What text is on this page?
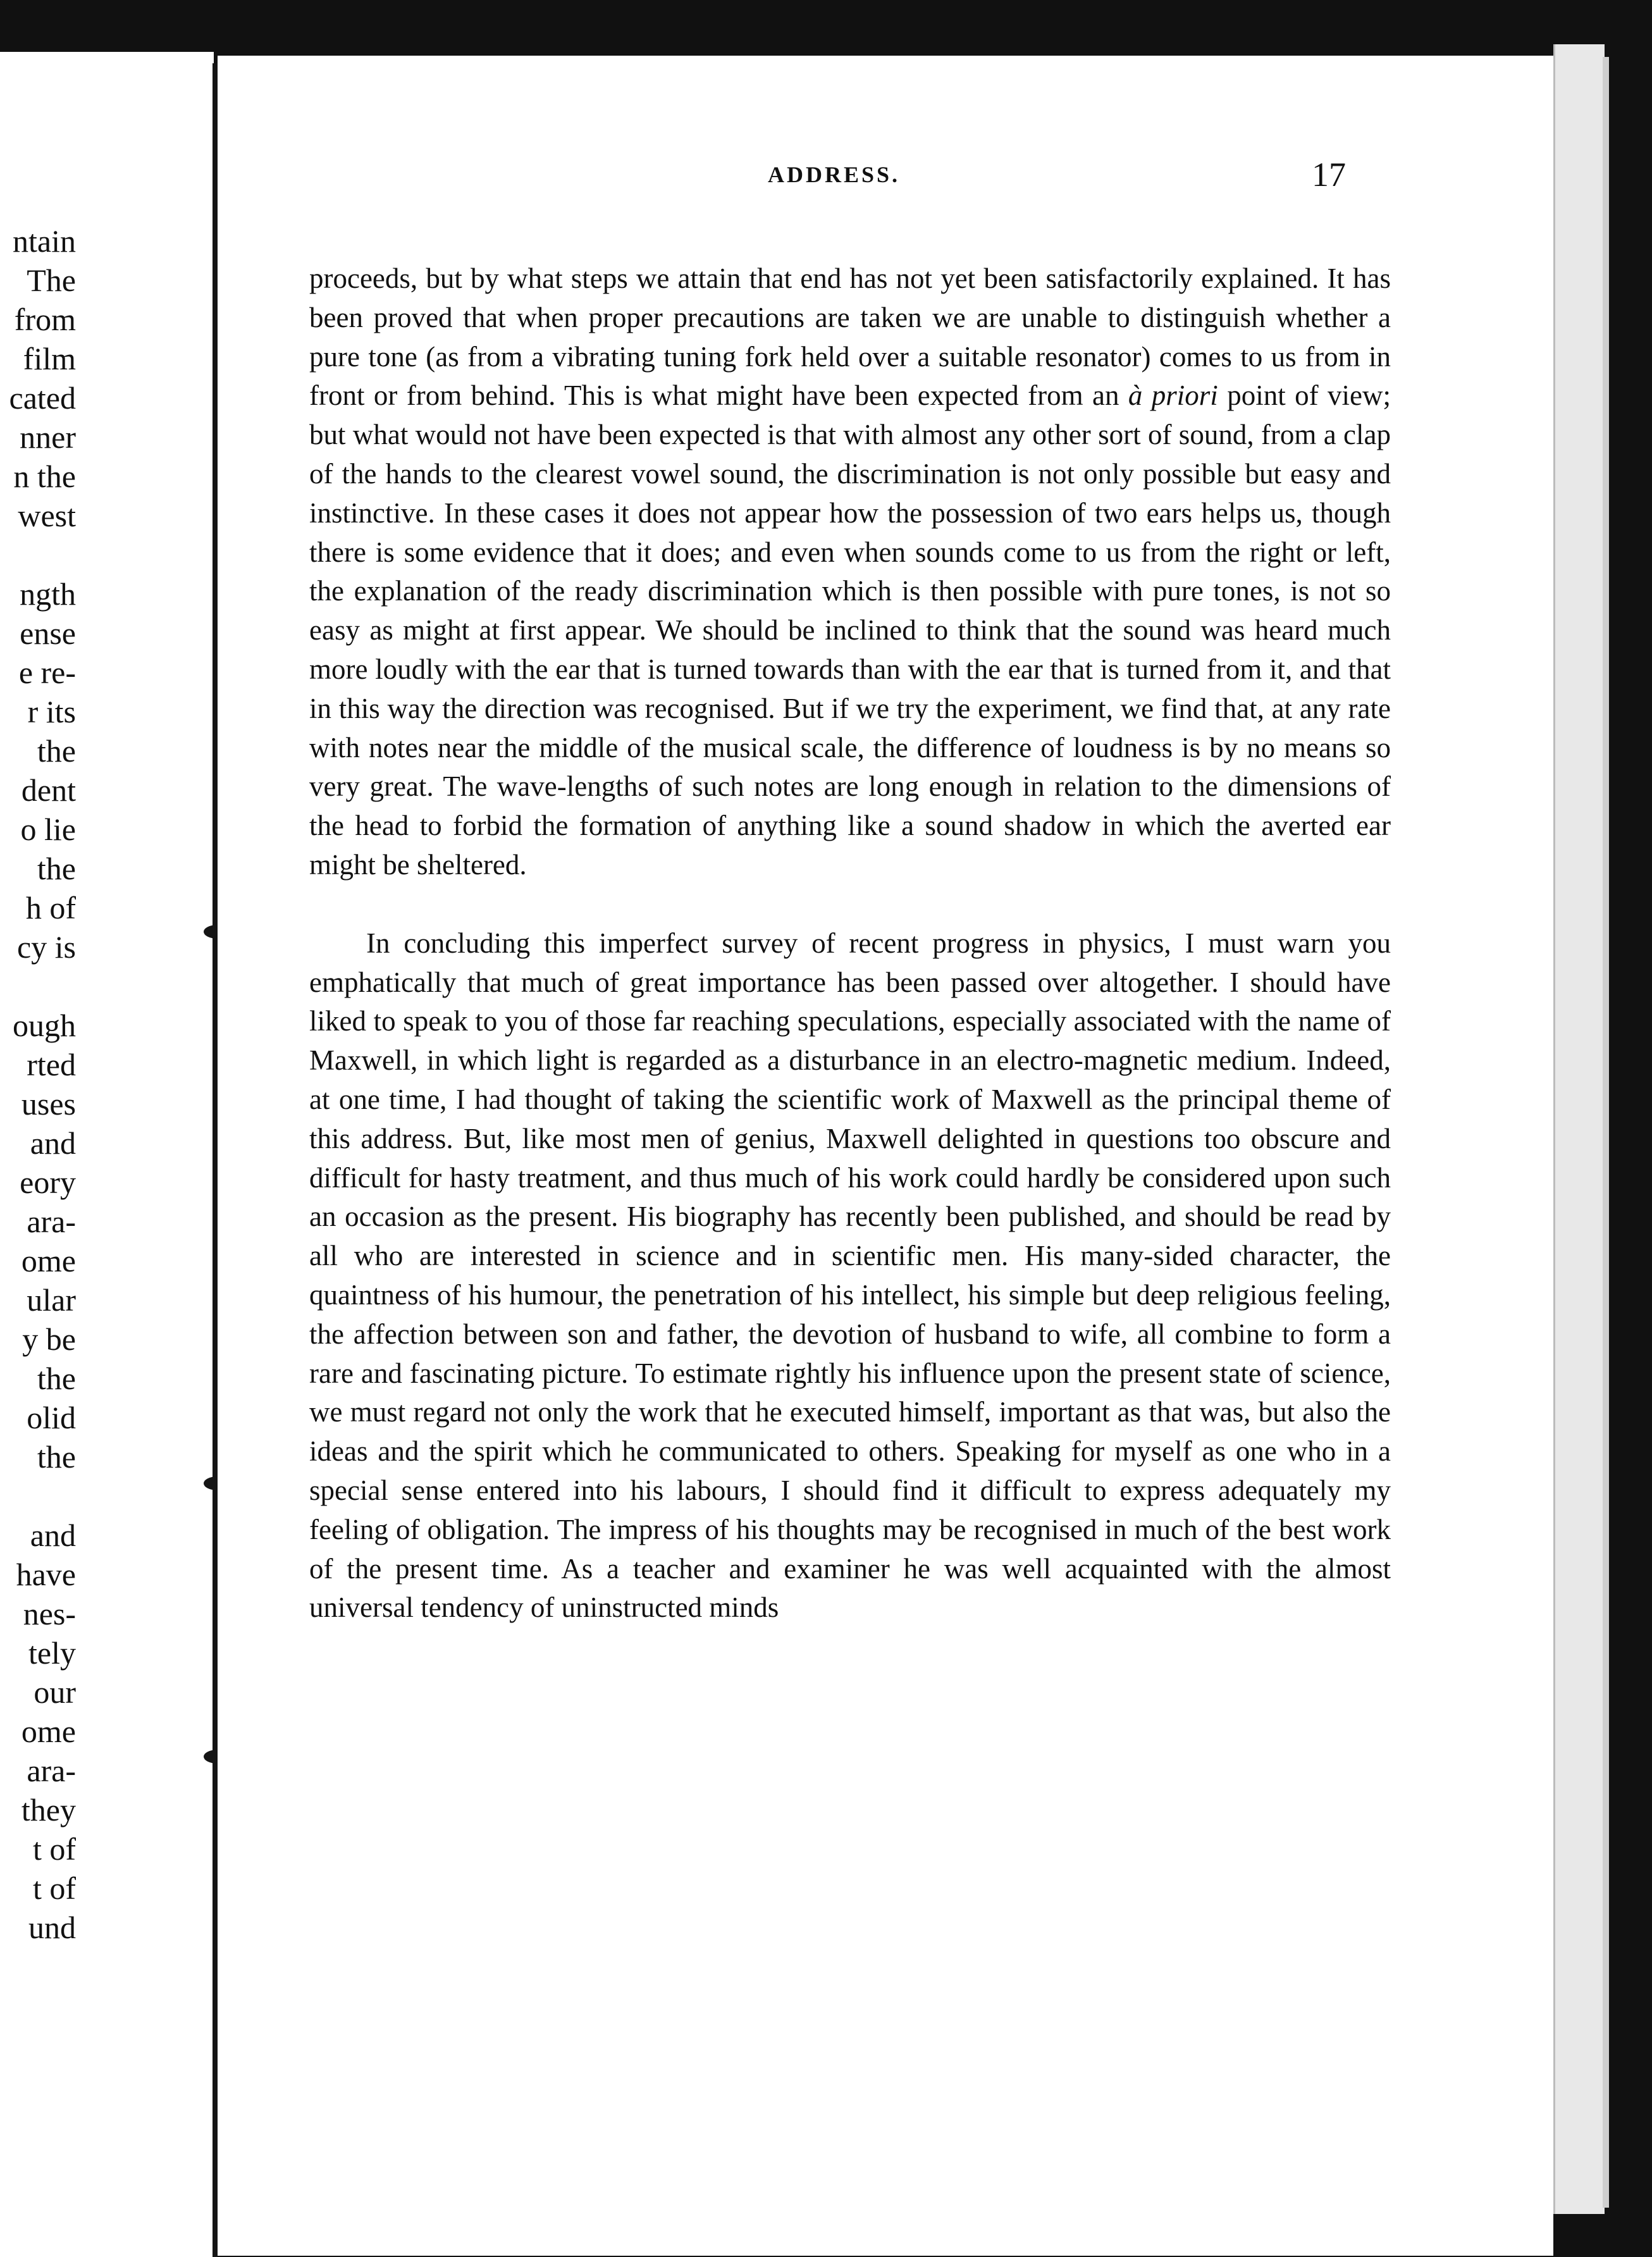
ntain
The
from
film
cated
nner
n the
west
ngth
ense
e re-
r its
the
dent
o lie
the
h of
cy is
ough
rted
uses
and
eory
ara-
ome
ular
y be
the
olid
the
and
have
nes-
tely
our
ome
ara-
they
t of
t of
und
ADDRESS.	17

proceeds, but by what steps we attain that end has not yet been satisfactorily explained. It has been proved that when proper precautions are taken we are unable to distinguish whether a pure tone (as from a vibrating tuning fork held over a suitable resonator) comes to us from in front or from behind. This is what might have been expected from an à priori point of view; but what would not have been expected is that with almost any other sort of sound, from a clap of the hands to the clearest vowel sound, the discrimination is not only possible but easy and instinctive. In these cases it does not appear how the possession of two ears helps us, though there is some evidence that it does; and even when sounds come to us from the right or left, the explanation of the ready discrimination which is then possible with pure tones, is not so easy as might at first appear. We should be inclined to think that the sound was heard much more loudly with the ear that is turned towards than with the ear that is turned from it, and that in this way the direction was recognised. But if we try the experiment, we find that, at any rate with notes near the middle of the musical scale, the difference of loudness is by no means so very great. The wave-lengths of such notes are long enough in relation to the dimensions of the head to forbid the formation of anything like a sound shadow in which the averted ear might be sheltered.

In concluding this imperfect survey of recent progress in physics, I must warn you emphatically that much of great importance has been passed over altogether. I should have liked to speak to you of those far reaching speculations, especially associated with the name of Maxwell, in which light is regarded as a disturbance in an electro-magnetic medium. Indeed, at one time, I had thought of taking the scientific work of Maxwell as the principal theme of this address. But, like most men of genius, Maxwell delighted in questions too obscure and difficult for hasty treatment, and thus much of his work could hardly be considered upon such an occasion as the present. His biography has recently been published, and should be read by all who are interested in science and in scientific men. His many-sided character, the quaintness of his humour, the penetration of his intellect, his simple but deep religious feeling, the affection between son and father, the devotion of husband to wife, all combine to form a rare and fascinating picture. To estimate rightly his influence upon the present state of science, we must regard not only the work that he executed himself, important as that was, but also the ideas and the spirit which he communicated to others. Speaking for myself as one who in a special sense entered into his labours, I should find it difficult to express adequately my feeling of obligation. The impress of his thoughts may be recognised in much of the best work of the present time. As a teacher and examiner he was well acquainted with the almost universal tendency of uninstructed minds
